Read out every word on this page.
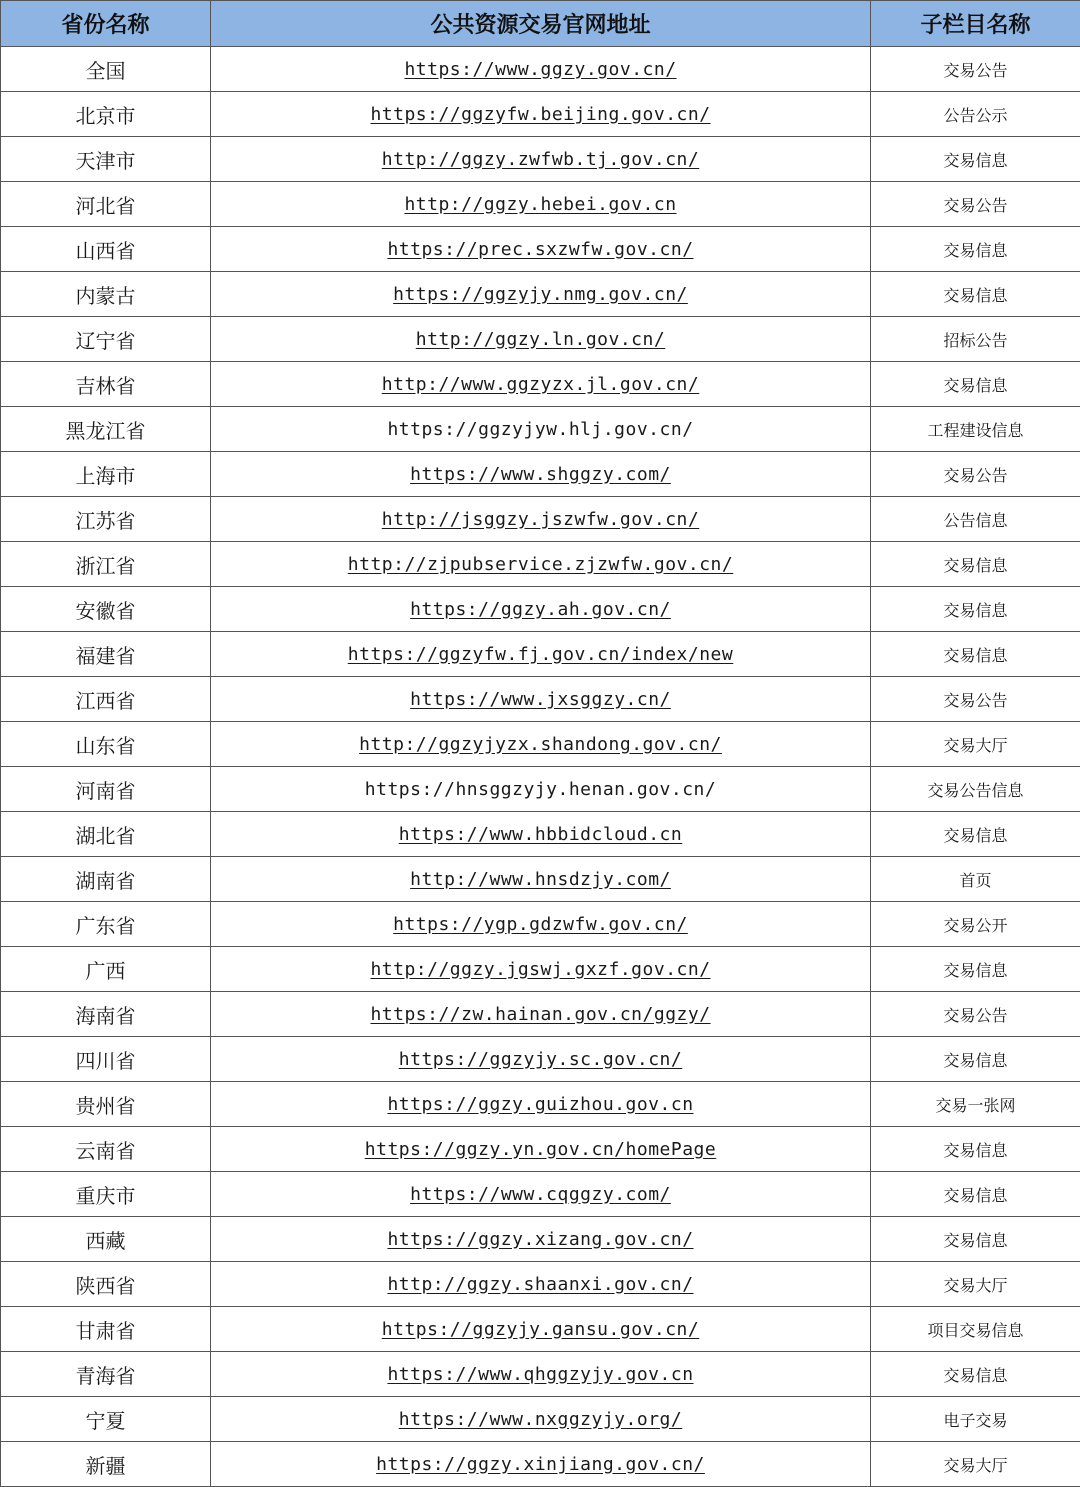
省份名称	公共资源交易官网地址	子栏目名称
全国	https://www.ggzy.gov.cn/	交易公告
北京市	https://ggzyfw.beijing.gov.cn/	公告公示
天津市	http://ggzy.zwfwb.tj.gov.cn/	交易信息
河北省	http://ggzy.hebei.gov.cn	交易公告
山西省	https://prec.sxzwfw.gov.cn/	交易信息
内蒙古	https://ggzyjy.nmg.gov.cn/	交易信息
辽宁省	http://ggzy.ln.gov.cn/	招标公告
吉林省	http://www.ggzyzx.jl.gov.cn/	交易信息
黑龙江省	https://ggzyjyw.hlj.gov.cn/	工程建设信息
上海市	https://www.shggzy.com/	交易公告
江苏省	http://jsggzy.jszwfw.gov.cn/	公告信息
浙江省	http://zjpubservice.zjzwfw.gov.cn/	交易信息
安徽省	https://ggzy.ah.gov.cn/	交易信息
福建省	https://ggzyfw.fj.gov.cn/index/new	交易信息
江西省	https://www.jxsggzy.cn/	交易公告
山东省	http://ggzyjyzx.shandong.gov.cn/	交易大厅
河南省	https://hnsggzyjy.henan.gov.cn/	交易公告信息
湖北省	https://www.hbbidcloud.cn	交易信息
湖南省	http://www.hnsdzjy.com/	首页
广东省	https://ygp.gdzwfw.gov.cn/	交易公开
广西	http://ggzy.jgswj.gxzf.gov.cn/	交易信息
海南省	https://zw.hainan.gov.cn/ggzy/	交易公告
四川省	https://ggzyjy.sc.gov.cn/	交易信息
贵州省	https://ggzy.guizhou.gov.cn	交易一张网
云南省	https://ggzy.yn.gov.cn/homePage	交易信息
重庆市	https://www.cqggzy.com/	交易信息
西藏	https://ggzy.xizang.gov.cn/	交易信息
陕西省	http://ggzy.shaanxi.gov.cn/	交易大厅
甘肃省	https://ggzyjy.gansu.gov.cn/	项目交易信息
青海省	https://www.qhggzyjy.gov.cn	交易信息
宁夏	https://www.nxggzyjy.org/	电子交易
新疆	https://ggzy.xinjiang.gov.cn/	交易大厅
